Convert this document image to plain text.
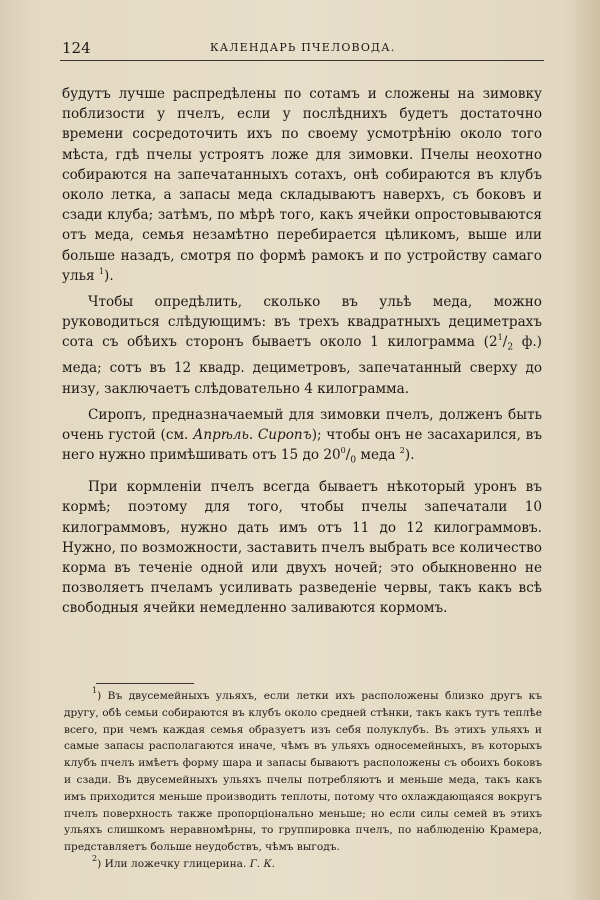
124	КАЛЕНДАРЬ ПЧЕЛОВОДА.

будутъ лучше распредѣлены по сотамъ и сложены на зимовку поблизости у пчелъ, если у послѣднихъ будетъ достаточно времени сосредоточить ихъ по своему усмотрѣнію около того мѣста, гдѣ пчелы устроятъ ложе для зимовки. Пчелы неохотно собираются на запечатанныхъ сотахъ, онѣ собираются въ клубъ около летка, а запасы меда складываютъ наверхъ, съ боковъ и сзади клуба; затѣмъ, по мѣрѣ того, какъ ячейки опростовываются отъ меда, семья незамѣтно перебирается цѣликомъ, выше или больше назадъ, смотря по формѣ рамокъ и по устройству самаго улья $^1$).

Чтобы опредѣлить, сколько въ ульѣ меда, можно руководиться слѣдующимъ: въ трехъ квадратныхъ дециметрахъ сота съ обѣихъ сторонъ бываетъ около 1 килограмма ($2^1/_2$ ф.) меда; сотъ въ 12 квадр. дециметровъ, запечатанный сверху до низу, заключаетъ слѣдовательно 4 килограмма.

Сиропъ, предназначаемый для зимовки пчелъ, долженъ быть очень густой (см. Апрѣль. Сиропъ); чтобы онъ не засахарился, въ него нужно примѣшивать отъ 15 до $20^0/_0$ меда $^2$).

При кормленіи пчелъ всегда бываетъ нѣкоторый уронъ въ кормѣ; поэтому для того, чтобы пчелы запечатали 10 килограммовъ, нужно дать имъ отъ 11 до 12 килограммовъ. Нужно, по возможности, заставить пчелъ выбрать все количество корма въ теченіе одной или двухъ ночей; это обыкновенно не позволяетъ пчеламъ усиливать разведеніе червы, такъ какъ всѣ свободныя ячейки немедленно заливаются кормомъ.

$^1$) Въ двусемейныхъ ульяхъ, если летки ихъ расположены близко другъ къ другу, обѣ семьи собираются въ клубъ около средней стѣнки, такъ какъ тутъ теплѣе всего, при чемъ каждая семья образуетъ изъ себя полуклубъ. Въ этихъ ульяхъ и самые запасы располагаются иначе, чѣмъ въ ульяхъ односемейныхъ, въ которыхъ клубъ пчелъ имѣетъ форму шара и запасы бываютъ расположены съ обоихъ боковъ и сзади. Въ двусемейныхъ ульяхъ пчелы потребляютъ и меньше меда, такъ какъ имъ приходится меньше производить теплоты, потому что охлаждающаяся вокругъ пчелъ поверхность также пропорціонально меньше; но если силы семей въ этихъ ульяхъ слишкомъ неравномѣрны, то группировка пчелъ, по наблюденію Крамера, представляетъ больше неудобствъ, чѣмъ выгодъ.

$^2$) Или ложечку глицерина. Г. К.
